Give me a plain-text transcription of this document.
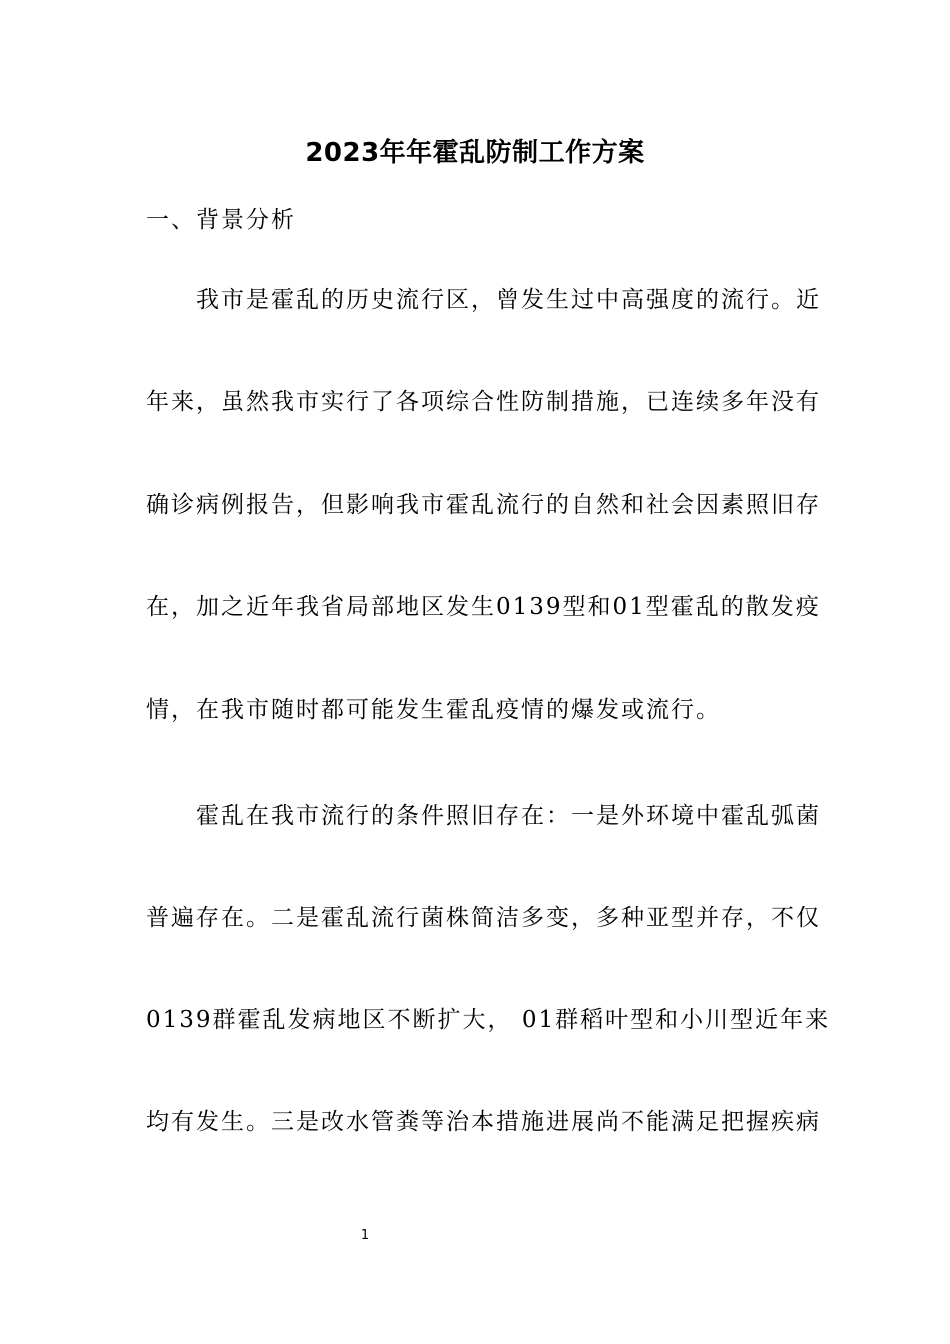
2023年年霍乱防制工作方案
一、背景分析
我市是霍乱的历史流行区，曾发生过中高强度的流行。近
年来，虽然我市实行了各项综合性防制措施，已连续多年没有
确诊病例报告，但影响我市霍乱流行的自然和社会因素照旧存
在，加之近年我省局部地区发生0139型和01型霍乱的散发疫
情，在我市随时都可能发生霍乱疫情的爆发或流行。
霍乱在我市流行的条件照旧存在：一是外环境中霍乱弧菌
普遍存在。二是霍乱流行菌株简洁多变，多种亚型并存，不仅
0139群霍乱发病地区不断扩大， 01群稻叶型和小川型近年来
均有发生。三是改水管粪等治本措施进展尚不能满足把握疾病
1
